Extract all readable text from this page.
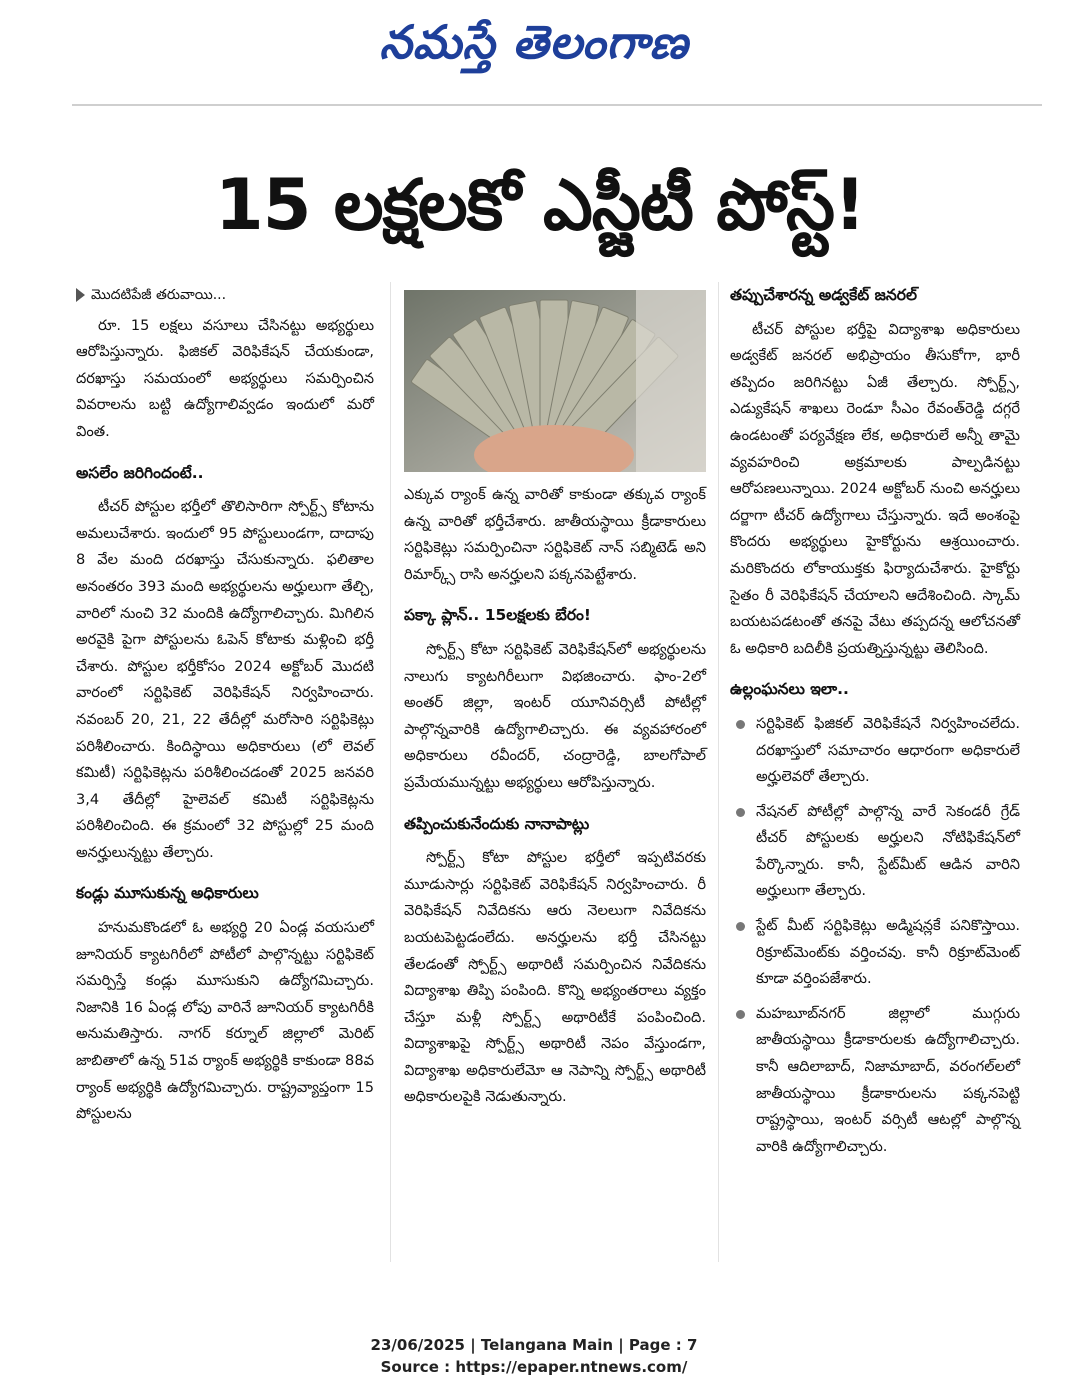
నమస్తే తెలంగాణ
15 లక్షలకో ఎస్జీటీ పోస్ట్!
మొదటిపేజీ తరువాయి...

రూ. 15 లక్షలు వసూలు చేసినట్టు అభ్యర్థులు ఆరోపిస్తున్నారు. ఫిజికల్ వెరిఫికేషన్ చేయకుండా, దరఖాస్తు సమయంలో అభ్యర్థులు సమర్పించిన వివరాలను బట్టి ఉద్యోగాలివ్వడం ఇందులో మరో వింత.

అసలేం జరిగిందంటే..

టీచర్ పోస్టుల భర్తీలో తొలిసారిగా స్పోర్ట్స్ కోటాను అమలుచేశారు. ఇందులో 95 పోస్టులుండగా, దాదాపు 8 వేల మంది దరఖాస్తు చేసుకున్నారు. ఫలితాల అనంతరం 393 మంది అభ్యర్థులను అర్హులుగా తేల్చి, వారిలో నుంచి 32 మందికి ఉద్యోగాలిచ్చారు. మిగిలిన అరవైకి పైగా పోస్టులను ఓపెన్ కోటాకు మళ్లించి భర్తీ చేశారు. పోస్టుల భర్తీకోసం 2024 అక్టోబర్ మొదటి వారంలో సర్టిఫికెట్ వెరిఫికేషన్ నిర్వహించారు. నవంబర్ 20, 21, 22 తేదీల్లో మరోసారి సర్టిఫికెట్లు పరిశీలించారు. కిందిస్థాయి అధికారులు (లో లెవల్ కమిటీ) సర్టిఫికెట్లను పరిశీలించడంతో 2025 జనవరి 3,4 తేదీల్లో హైలెవల్ కమిటీ సర్టిఫికెట్లను పరిశీలించింది. ఈ క్రమంలో 32 పోస్టుల్లో 25 మంది అనర్హులున్నట్టు తేల్చారు.

కండ్లు మూసుకున్న అధికారులు

హనుమకొండలో ఓ అభ్యర్థి 20 ఏండ్ల వయసులో జూనియర్ క్యాటగిరీలో పోటీలో పాల్గొన్నట్టు సర్టిఫికెట్ సమర్పిస్తే కండ్లు మూసుకుని ఉద్యోగమిచ్చారు. నిజానికి 16 ఏండ్ల లోపు వారినే జూనియర్ క్యాటగిరీకి అనుమతిస్తారు. నాగర్ కర్నూల్ జిల్లాలో మెరిట్ జాబితాలో ఉన్న 51వ ర్యాంక్ అభ్యర్థికి కాకుండా 88వ ర్యాంక్ అభ్యర్థికి ఉద్యోగమిచ్చారు. రాష్ట్రవ్యాప్తంగా 15 పోస్టులను

ఎక్కువ ర్యాంక్ ఉన్న వారితో కాకుండా తక్కువ ర్యాంక్ ఉన్న వారితో భర్తీచేశారు. జాతీయస్థాయి క్రీడాకారులు సర్టిఫికెట్లు సమర్పించినా సర్టిఫికెట్ నాన్ సబ్మిటెడ్ అని రిమార్క్స్ రాసి అనర్హులని పక్కనపెట్టేశారు.

పక్కా ప్లాన్.. 15లక్షలకు బేరం!

స్పోర్ట్స్ కోటా సర్టిఫికెట్ వెరిఫికేషన్‌లో అభ్యర్థులను నాలుగు క్యాటగిరీలుగా విభజించారు. ఫాం-2లో అంతర్ జిల్లా, ఇంటర్ యూనివర్సిటీ పోటీల్లో పాల్గొన్నవారికి ఉద్యోగాలిచ్చారు. ఈ వ్యవహారంలో అధికారులు రవీందర్, చంద్రారెడ్డి, బాలగోపాల్ ప్రమేయమున్నట్టు అభ్యర్థులు ఆరోపిస్తున్నారు.

తప్పించుకునేందుకు నానాపాట్లు

స్పోర్ట్స్ కోటా పోస్టుల భర్తీలో ఇప్పటివరకు మూడుసార్లు సర్టిఫికెట్ వెరిఫికేషన్ నిర్వహించారు. రీ వెరిఫికేషన్ నివేదికను ఆరు నెలలుగా నివేదికను బయటపెట్టడంలేదు. అనర్హులను భర్తీ చేసినట్టు తేలడంతో స్పోర్ట్స్ అథారిటీ సమర్పించిన నివేదికను విద్యాశాఖ తిప్పి పంపింది. కొన్ని అభ్యంతరాలు వ్యక్తం చేస్తూ మళ్లీ స్పోర్ట్స్ అథారిటీకే పంపించింది. విద్యాశాఖపై స్పోర్ట్స్ అథారిటీ నెపం వేస్తుండగా, విద్యాశాఖ అధికారులేమో ఆ నెపాన్ని స్పోర్ట్స్ అథారిటీ అధికారులపైకి నెడుతున్నారు.

తప్పుచేశారన్న అడ్వకేట్ జనరల్

టీచర్ పోస్టుల భర్తీపై విద్యాశాఖ అధికారులు అడ్వకేట్ జనరల్ అభిప్రాయం తీసుకోగా, భారీ తప్పిదం జరిగినట్టు ఏజీ తేల్చారు. స్పోర్ట్స్, ఎడ్యుకేషన్ శాఖలు రెండూ సీఎం రేవంత్‌రెడ్డి దగ్గరే ఉండటంతో పర్యవేక్షణ లేక, అధికారులే అన్నీ తామై వ్యవహరించి అక్రమాలకు పాల్పడినట్టు ఆరోపణలున్నాయి. 2024 అక్టోబర్ నుంచి అనర్హులు దర్జాగా టీచర్ ఉద్యోగాలు చేస్తున్నారు. ఇదే అంశంపై కొందరు అభ్యర్థులు హైకోర్టును ఆశ్రయించారు. మరికొందరు లోకాయుక్తకు ఫిర్యాదుచేశారు. హైకోర్టు సైతం రీ వెరిఫికేషన్ చేయాలని ఆదేశించింది. స్కామ్ బయటపడటంతో తనపై వేటు తప్పదన్న ఆలోచనతో ఓ అధికారి బదిలీకి ప్రయత్నిస్తున్నట్టు తెలిసింది.

ఉల్లంఘనలు ఇలా..
సర్టిఫికెట్ ఫిజికల్ వెరిఫికేషనే నిర్వహించలేదు. దరఖాస్తులో సమాచారం ఆధారంగా అధికారులే అర్హులెవరో తేల్చారు.
నేషనల్ పోటీల్లో పాల్గొన్న వారే సెకండరీ గ్రేడ్ టీచర్ పోస్టులకు అర్హులని నోటిఫికేషన్‌లో పేర్కొన్నారు. కానీ, స్టేట్‌మీట్ ఆడిన వారిని అర్హులుగా తేల్చారు.
స్టేట్ మీట్ సర్టిఫికెట్లు అడ్మిషన్లకే పనికొస్తాయి. రిక్రూట్‌మెంట్‌కు వర్తించవు. కానీ రిక్రూట్‌మెంట్ కూడా వర్తింపజేశారు.
మహబూబ్‌నగర్ జిల్లాలో ముగ్గురు జాతీయస్థాయి క్రీడాకారులకు ఉద్యోగాలిచ్చారు. కానీ ఆదిలాబాద్, నిజామాబాద్, వరంగల్‌లలో జాతీయస్థాయి క్రీడాకారులను పక్కనపెట్టి రాష్ట్రస్థాయి, ఇంటర్ వర్సిటీ ఆటల్లో పాల్గొన్న వారికి ఉద్యోగాలిచ్చారు.
23/06/2025 | Telangana Main | Page : 7
Source : https://epaper.ntnews.com/
